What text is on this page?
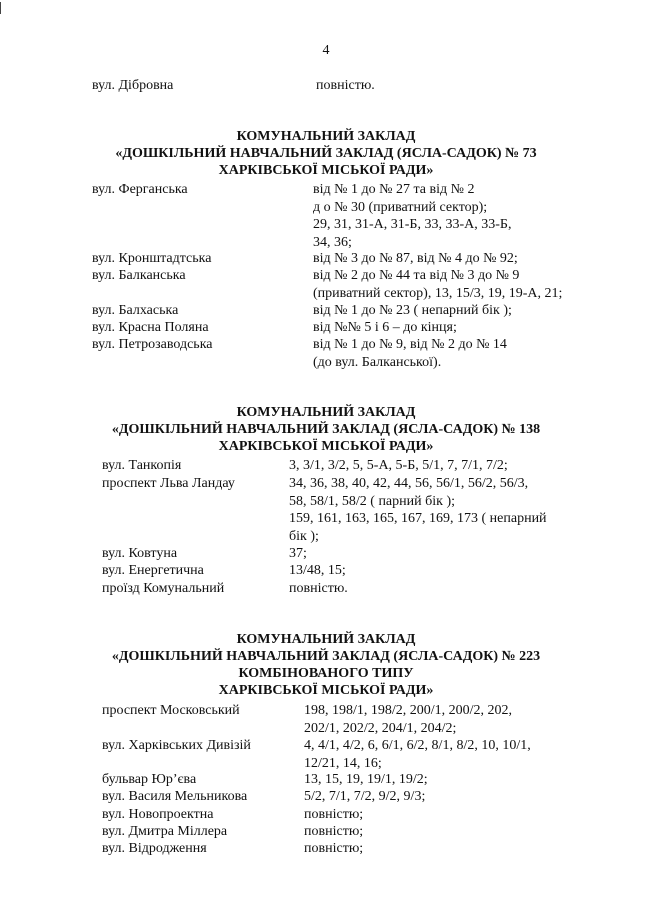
4
вул. Дібровна	повністю.
КОМУНАЛЬНИЙ ЗАКЛАД
«ДОШКІЛЬНИЙ НАВЧАЛЬНИЙ ЗАКЛАД (ЯСЛА-САДОК) № 73
ХАРКІВСЬКОЇ МІСЬКОЇ РАДИ»
вул. Ферганська	від № 1 до № 27 та від № 2
д о № 30 (приватний сектор);
29, 31, 31-А, 31-Б, 33, 33-А, 33-Б,
34, 36;
вул. Кронштадтська	від № 3 до № 87, від № 4 до № 92;
вул. Балканська	від № 2 до № 44 та від № 3 до № 9
(приватний сектор), 13, 15/3, 19, 19-А, 21;
вул. Балхаська	від № 1 до № 23 ( непарний бік );
вул. Красна Поляна	від №№ 5 і 6 – до кінця;
вул. Петрозаводська	від № 1 до № 9, від № 2 до № 14
(до вул. Балканської).
КОМУНАЛЬНИЙ ЗАКЛАД
«ДОШКІЛЬНИЙ НАВЧАЛЬНИЙ ЗАКЛАД (ЯСЛА-САДОК) № 138
ХАРКІВСЬКОЇ МІСЬКОЇ РАДИ»
вул. Танкопія	3, 3/1, 3/2, 5, 5-А, 5-Б, 5/1, 7, 7/1, 7/2;
проспект Льва Ландау	34, 36, 38, 40, 42, 44, 56, 56/1, 56/2, 56/3,
58, 58/1, 58/2 ( парний бік );
159, 161, 163, 165, 167, 169, 173 ( непарний
бік );
вул. Ковтуна	37;
вул. Енергетична	13/48, 15;
проїзд Комунальний	повністю.
КОМУНАЛЬНИЙ ЗАКЛАД
«ДОШКІЛЬНИЙ НАВЧАЛЬНИЙ ЗАКЛАД (ЯСЛА-САДОК) № 223
КОМБІНОВАНОГО ТИПУ
ХАРКІВСЬКОЇ МІСЬКОЇ РАДИ»
проспект Московський	198, 198/1, 198/2, 200/1, 200/2, 202,
202/1, 202/2, 204/1, 204/2;
вул. Харківських Дивізій	4, 4/1, 4/2, 6, 6/1, 6/2, 8/1, 8/2, 10, 10/1,
12/21, 14, 16;
бульвар Юр’єва	13, 15, 19, 19/1, 19/2;
вул. Василя Мельникова	5/2, 7/1, 7/2, 9/2, 9/3;
вул. Новопроектна	повністю;
вул. Дмитра Міллера	повністю;
вул. Відродження	повністю;
